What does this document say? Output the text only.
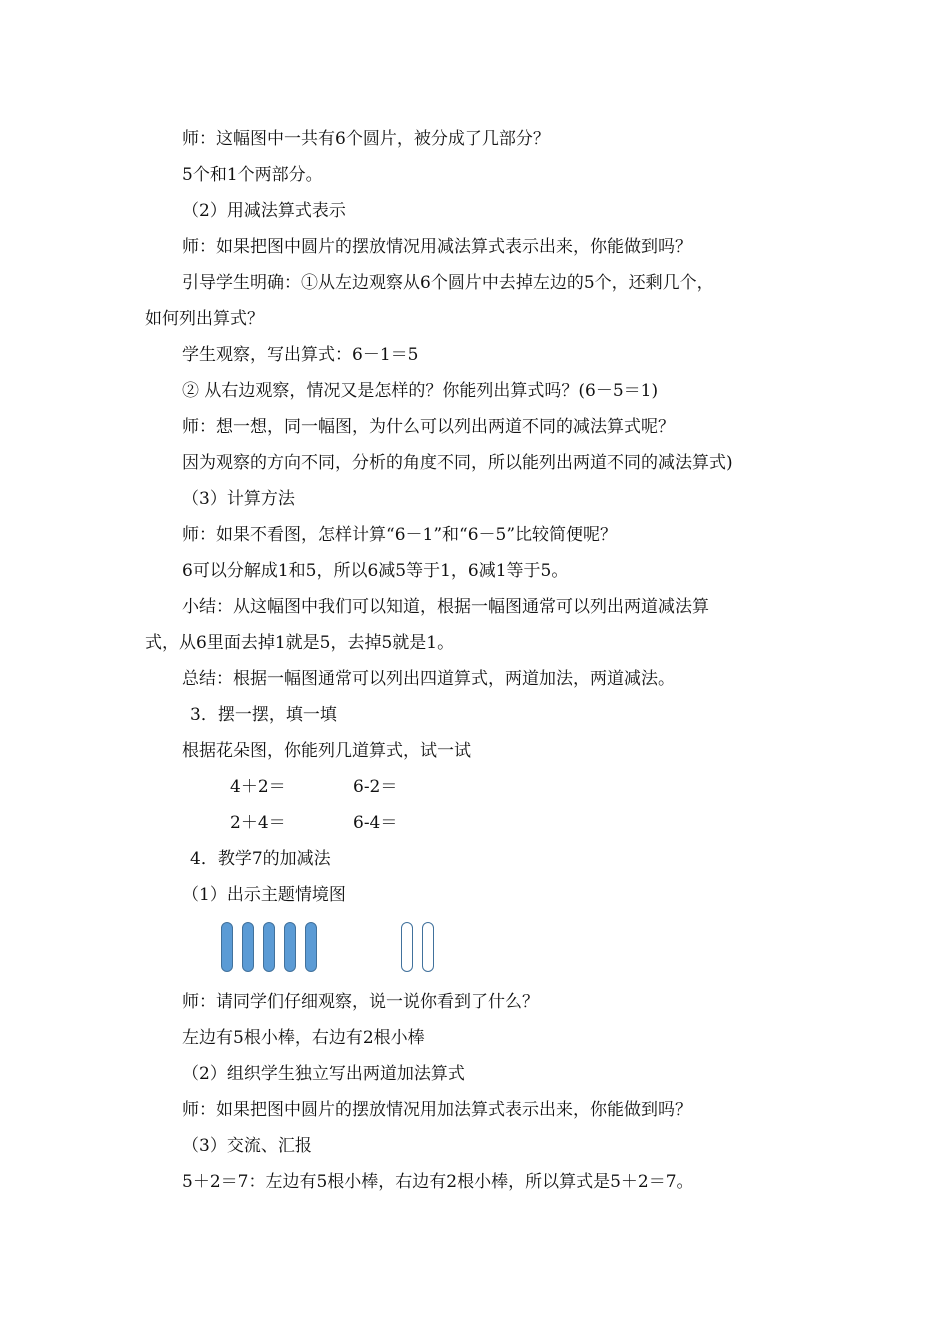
师：这幅图中一共有6个圆片，被分成了几部分？
5个和1个两部分。
（2）用减法算式表示
师：如果把图中圆片的摆放情况用减法算式表示出来，你能做到吗？
引导学生明确：①从左边观察从6个圆片中去掉左边的5个，还剩几个，
如何列出算式？
学生观察，写出算式：6－1＝5
② 从右边观察，情况又是怎样的？你能列出算式吗？(6－5＝1)
师：想一想，同一幅图，为什么可以列出两道不同的减法算式呢？
因为观察的方向不同，分析的角度不同，所以能列出两道不同的减法算式)
（3）计算方法
师：如果不看图，怎样计算“6－1”和“6－5”比较简便呢？
6可以分解成1和5，所以6减5等于1，6减1等于5。
小结：从这幅图中我们可以知道，根据一幅图通常可以列出两道减法算
式，从6里面去掉1就是5，去掉5就是1。
总结：根据一幅图通常可以列出四道算式，两道加法，两道减法。
3．摆一摆，填一填
根据花朵图，你能列几道算式，试一试
4＋2＝	6-2＝
2＋4＝	6-4＝
4．教学7的加减法
（1）出示主题情境图
师：请同学们仔细观察，说一说你看到了什么？
左边有5根小棒，右边有2根小棒
（2）组织学生独立写出两道加法算式
师：如果把图中圆片的摆放情况用加法算式表示出来，你能做到吗？
（3）交流、汇报
5＋2＝7：左边有5根小棒，右边有2根小棒，所以算式是5＋2＝7。
